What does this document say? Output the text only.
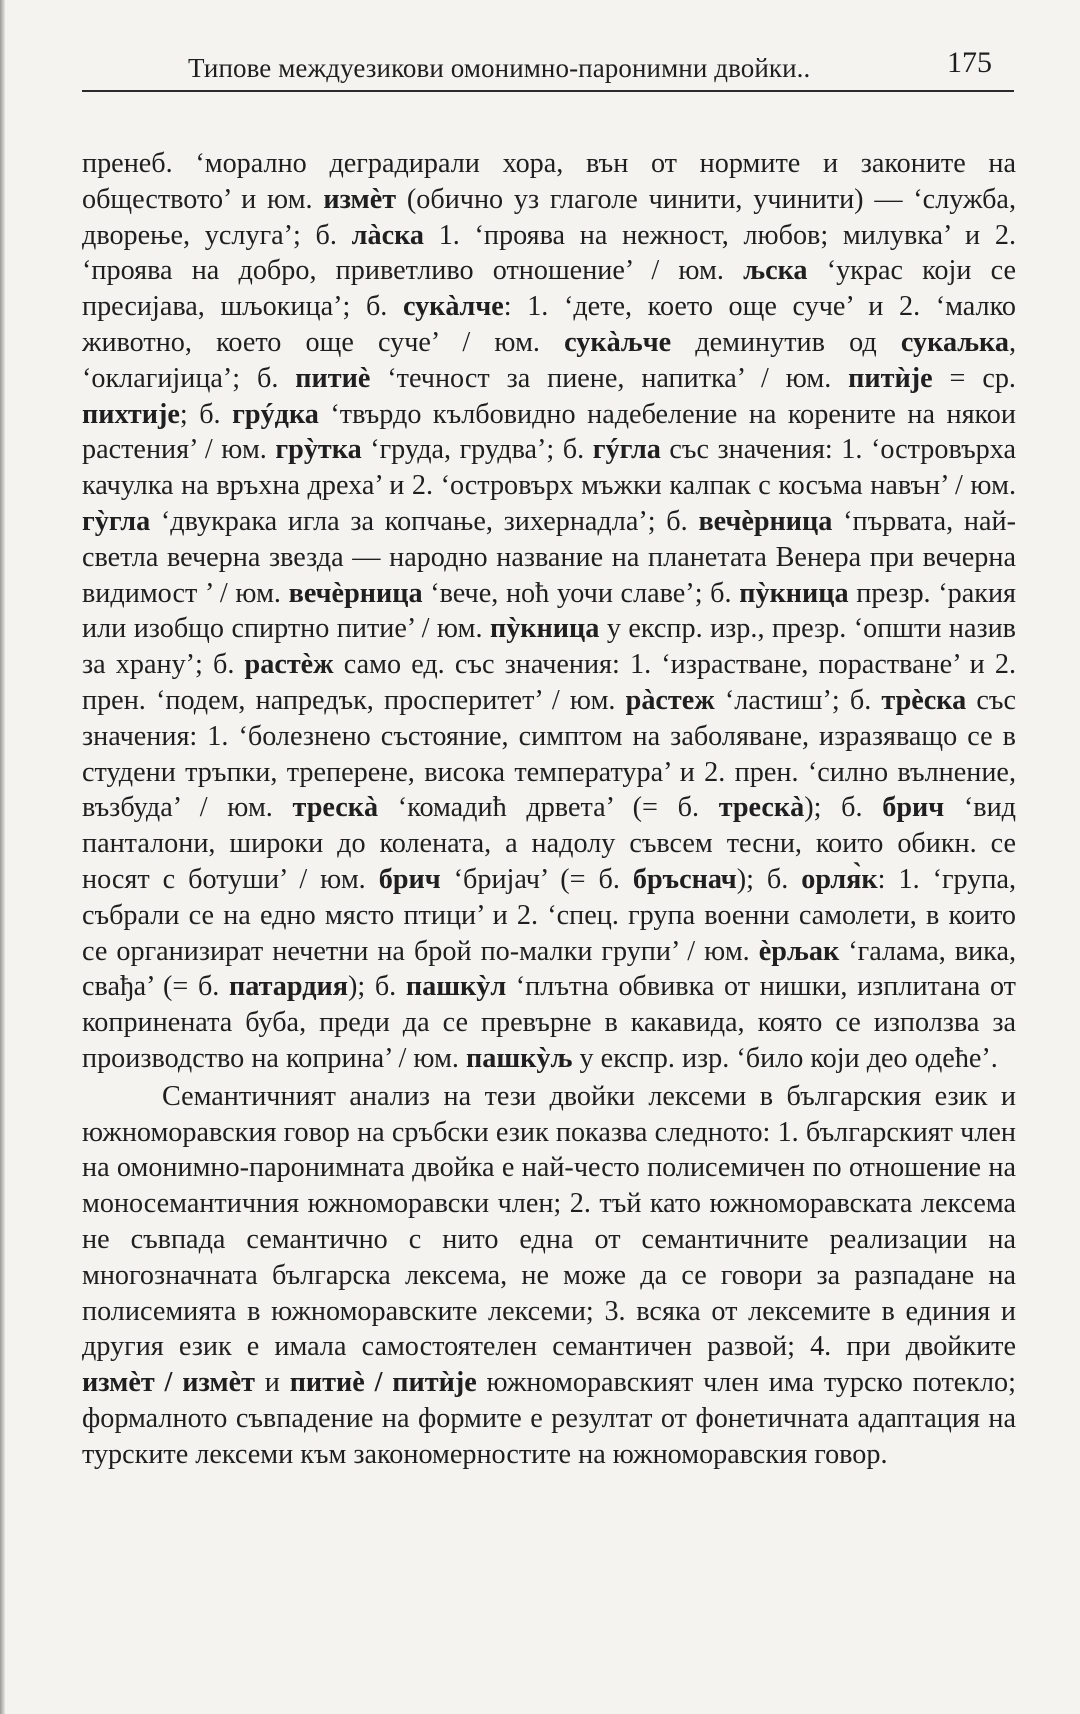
Типове междуезикови омонимно-паронимни двойки..	175

пренеб. ‘морално деградирали хора, вън от нормите и законите на обществото’ и юм. измѐт (обично уз глаголе чинити, учинити) — ‘служба, дворење, услуга’; б. лàска 1. ‘проява на нежност, любов; милувка’ и 2. ‘проява на добро, приветливо отношение’ / юм. љска ‘украс који се пресијава, шљокица’; б. сукàлче: 1. ‘дете, което още суче’ и 2. ‘малко животно, което още суче’ / юм. сукàљче деминутив од сукаљка, ‘оклагијица’; б. питиѐ ‘течност за пиене, напитка’ / юм. питѝје = ср. пихтије; б. грýдка ‘твърдо кълбовидно надебеление на корените на някои растения’ / юм. грỳтка ‘груда, грудва’; б. гýгла със значения: 1. ‘островърха качулка на връхна дреха’ и 2. ‘островърх мъжки калпак с косъма навън’ / юм. гỳгла ‘двукрака игла за копчање, зихернадла’; б. вечèрница ‘първата, най-светла вечерна звезда — народно название на планетата Венера при вечерна видимост ’ / юм. вечѐрница ‘вече, ноћ уочи славе’; б. пỳкница презр. ‘ракия или изобщо спиртно питие’ / юм. пỳкница у експр. изр., презр. ‘општи назив за храну’; б. растѐж само ед. със значения: 1. ‘израстване, порастване’ и 2. прен. ‘подем, напредък, просперитет’ / юм. рàстеж ‘ластиш’; б. трèска със значения: 1. ‘болезнено състояние, симптом на заболяване, изразяващо се в студени тръпки, треперене, висока температура’ и 2. прен. ‘силно вълнение, възбуда’ / юм. трескà ‘комадић дрвета’ (= б. трескà); б. брич ‘вид панталони, широки до колената, а надолу съвсем тесни, които обикн. се носят с ботуши’ / юм. брич ‘бријач’ (= б. бръснач); б. орля̀к: 1. ‘група, събрали се на едно място птици’ и 2. ‘спец. група военни самолети, в които се организират нечетни на брой по-малки групи’ / юм. ѐрљак ‘галама, вика, свађа’ (= б. патардия); б. пашкỳл ‘плътна обвивка от нишки, изплитана от копринената буба, преди да се превърне в какавида, която се използва за производство на коприна’ / юм. пашкỳљ у експр. изр. ‘било који део одеће’.

Семантичният анализ на тези двойки лексеми в българския език и южноморавския говор на сръбски език показва следното: 1. българският член на омонимно-паронимната двойка е най-често полисемичен по отношение на моносемантичния южноморавски член; 2. тъй като южноморавската лексема не съвпада семантично с нито една от семантичните реализации на многозначната българска лексема, не може да се говори за разпадане на полисемията в южноморавските лексеми; 3. всяка от лексемите в единия и другия език е имала самостоятелен семантичен развой; 4. при двойките измèт / измѐт и питиѐ / питѝје южноморавският член има турско потекло; формалното съвпадение на формите е резултат от фонетичната адаптация на турските лексеми към закономерностите на южноморавския говор.
